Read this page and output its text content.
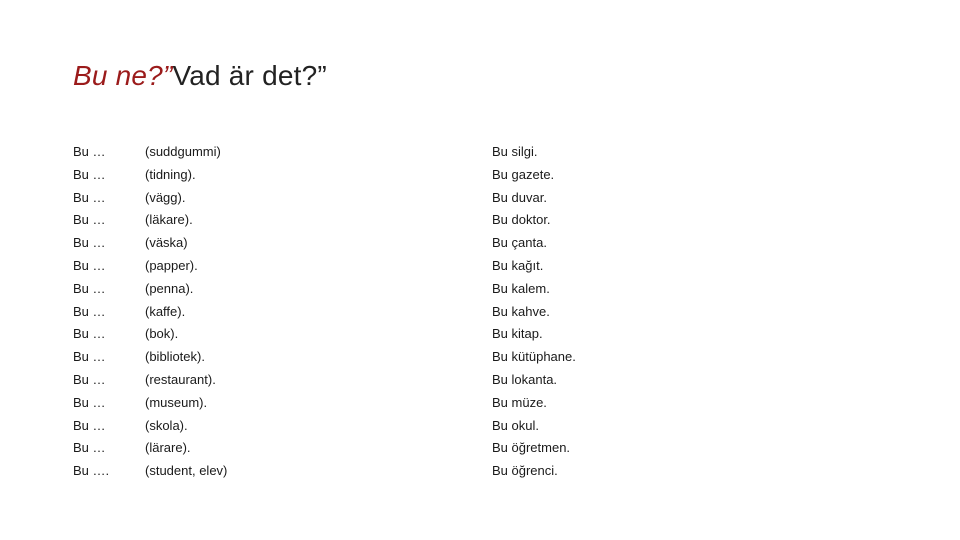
Bu ne?”Vad är det?”
Bu …	(suddgummi)	Bu silgi.
Bu …	(tidning).	Bu gazete.
Bu …	(vägg).	Bu duvar.
Bu …	(läkare).	Bu doktor.
Bu …	(väska)	Bu çanta.
Bu …	(papper).	Bu kağıt.
Bu …	(penna).	Bu kalem.
Bu …	(kaffe).	Bu kahve.
Bu …	(bok).	Bu kitap.
Bu …	(bibliotek).	Bu kütüphane.
Bu …	(restaurant).	Bu lokanta.
Bu …	(museum).	Bu müze.
Bu …	(skola).	Bu okul.
Bu …	(lärare).	Bu öğretmen.
Bu ….	(student, elev)	Bu öğrenci.
